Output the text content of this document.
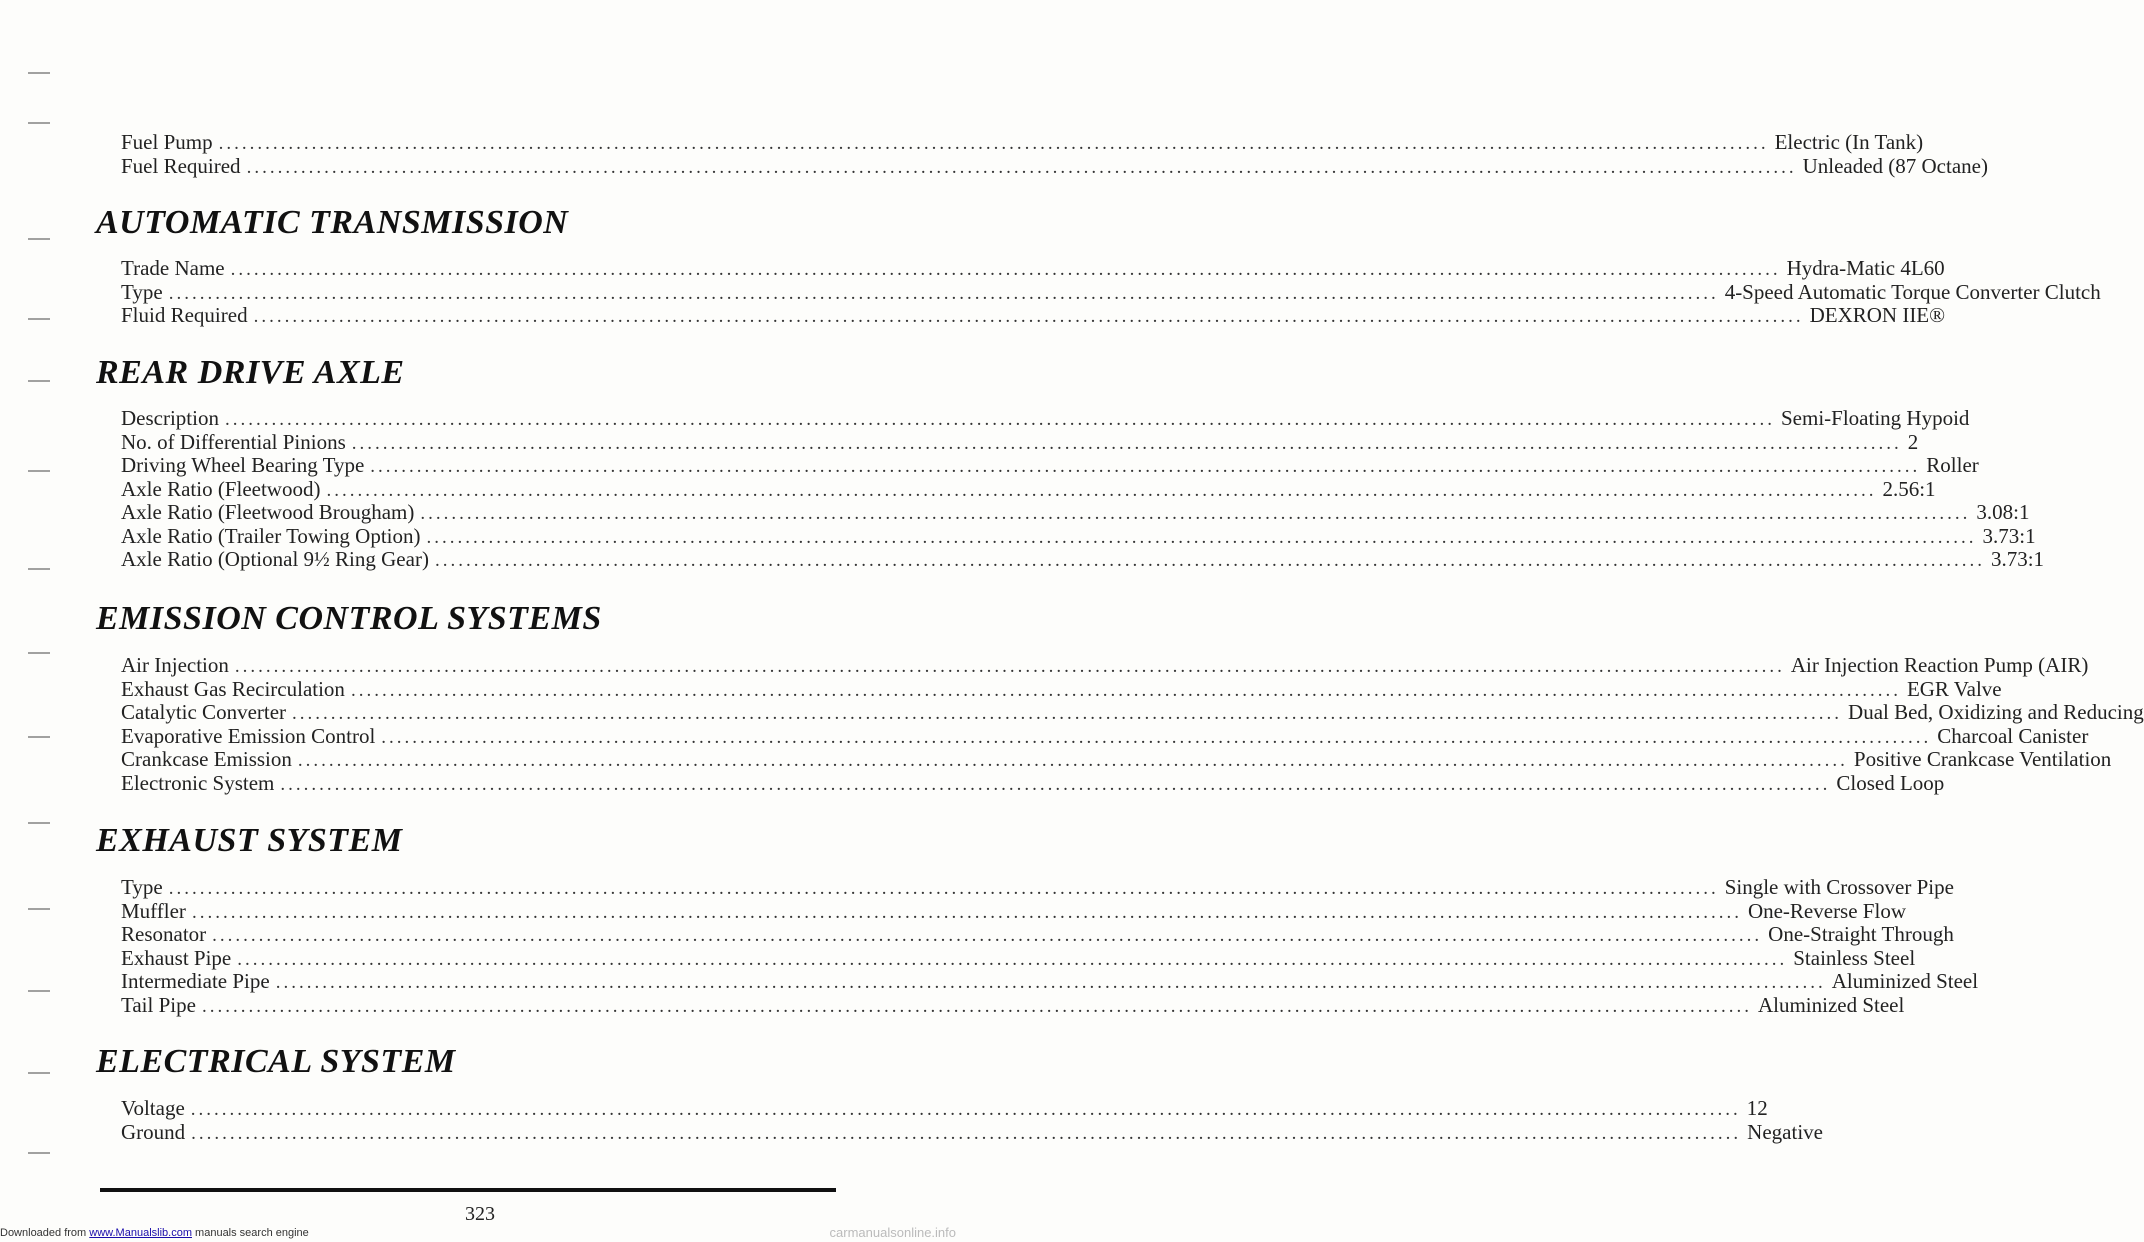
Fuel Pump ........................................................................................................................................................................................................ Electric (In Tank)
Fuel Required ........................................................................................................................................................................................................ Unleaded (87 Octane)
AUTOMATIC TRANSMISSION
Trade Name ........................................................................................................................................................................................................ Hydra-Matic 4L60
Type ........................................................................................................................................................................................................ 4-Speed Automatic Torque Converter Clutch
Fluid Required ........................................................................................................................................................................................................ DEXRON IIE®
REAR DRIVE AXLE
Description ........................................................................................................................................................................................................ Semi-Floating Hypoid
No. of Differential Pinions ........................................................................................................................................................................................................ 2
Driving Wheel Bearing Type ........................................................................................................................................................................................................ Roller
Axle Ratio (Fleetwood) ........................................................................................................................................................................................................ 2.56:1
Axle Ratio (Fleetwood Brougham) ........................................................................................................................................................................................................ 3.08:1
Axle Ratio (Trailer Towing Option) ........................................................................................................................................................................................................ 3.73:1
Axle Ratio (Optional 9½ Ring Gear) ........................................................................................................................................................................................................ 3.73:1
EMISSION CONTROL SYSTEMS
Air Injection ........................................................................................................................................................................................................ Air Injection Reaction Pump (AIR)
Exhaust Gas Recirculation ........................................................................................................................................................................................................ EGR Valve
Catalytic Converter ........................................................................................................................................................................................................ Dual Bed, Oxidizing and Reducing
Evaporative Emission Control ........................................................................................................................................................................................................ Charcoal Canister
Crankcase Emission ........................................................................................................................................................................................................ Positive Crankcase Ventilation
Electronic System ........................................................................................................................................................................................................ Closed Loop
EXHAUST SYSTEM
Type ........................................................................................................................................................................................................ Single with Crossover Pipe
Muffler ........................................................................................................................................................................................................ One-Reverse Flow
Resonator ........................................................................................................................................................................................................ One-Straight Through
Exhaust Pipe ........................................................................................................................................................................................................ Stainless Steel
Intermediate Pipe ........................................................................................................................................................................................................ Aluminized Steel
Tail Pipe ........................................................................................................................................................................................................ Aluminized Steel
ELECTRICAL SYSTEM
Voltage ........................................................................................................................................................................................................ 12
Ground ........................................................................................................................................................................................................ Negative
323
Downloaded from www.Manualslib.com manuals search engine	carmanualsonline.info
